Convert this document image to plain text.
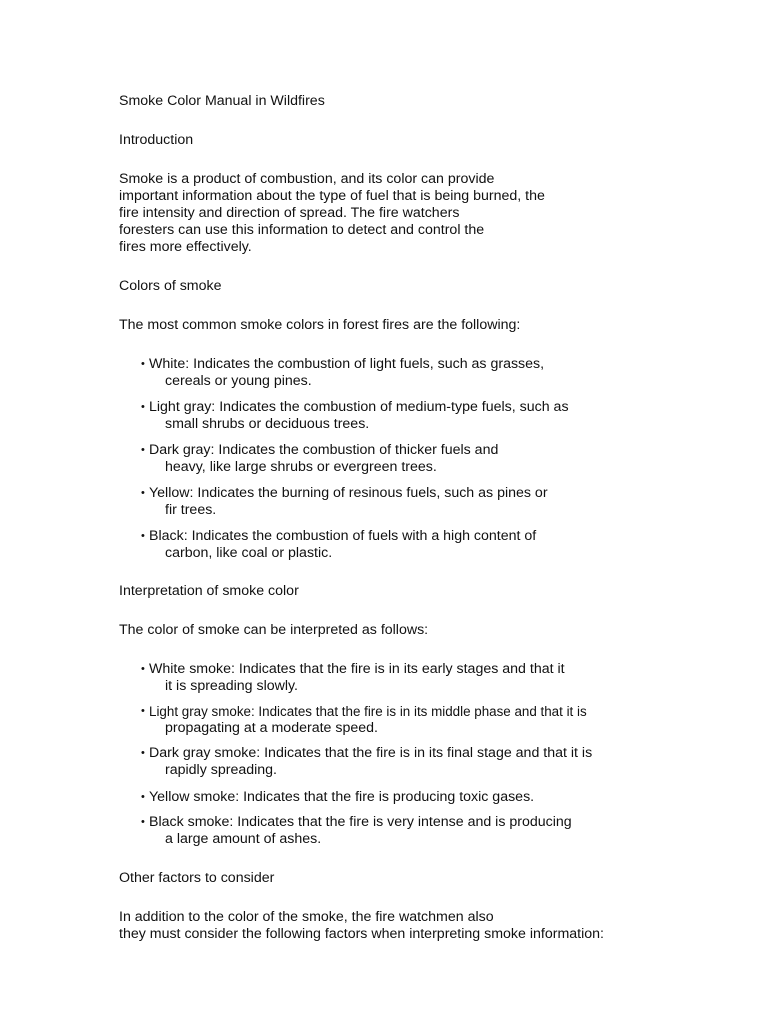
Smoke Color Manual in Wildfires
Introduction
Smoke is a product of combustion, and its color can provide
important information about the type of fuel that is being burned, the
fire intensity and direction of spread. The fire watchers
foresters can use this information to detect and control the
fires more effectively.
Colors of smoke
The most common smoke colors in forest fires are the following:
• White: Indicates the combustion of light fuels, such as grasses,
cereals or young pines.
• Light gray: Indicates the combustion of medium-type fuels, such as
small shrubs or deciduous trees.
• Dark gray: Indicates the combustion of thicker fuels and
heavy, like large shrubs or evergreen trees.
• Yellow: Indicates the burning of resinous fuels, such as pines or
fir trees.
• Black: Indicates the combustion of fuels with a high content of
carbon, like coal or plastic.
Interpretation of smoke color
The color of smoke can be interpreted as follows:
• White smoke: Indicates that the fire is in its early stages and that it
it is spreading slowly.
• Light gray smoke: Indicates that the fire is in its middle phase and that it is
propagating at a moderate speed.
• Dark gray smoke: Indicates that the fire is in its final stage and that it is
rapidly spreading.
• Yellow smoke: Indicates that the fire is producing toxic gases.
• Black smoke: Indicates that the fire is very intense and is producing
a large amount of ashes.
Other factors to consider
In addition to the color of the smoke, the fire watchmen also
they must consider the following factors when interpreting smoke information:
